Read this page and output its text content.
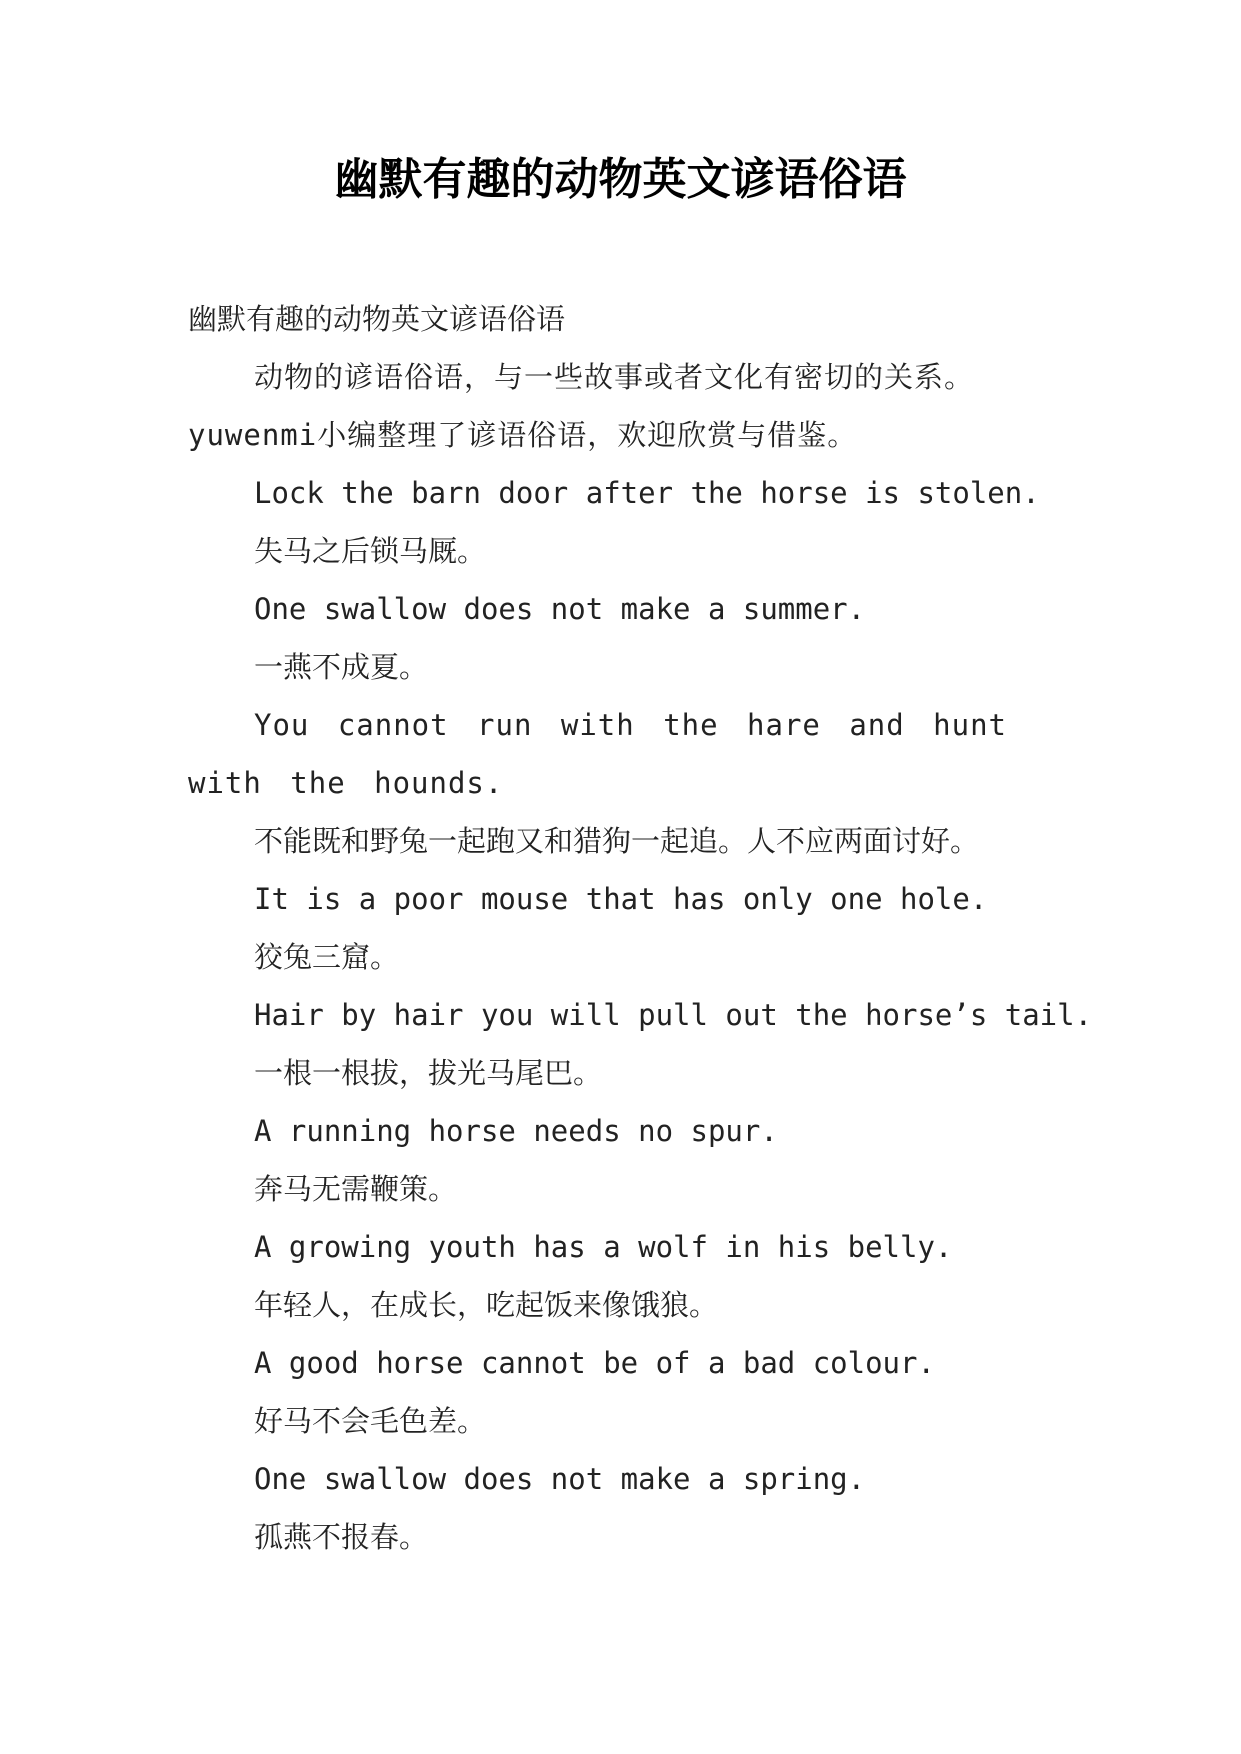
幽默有趣的动物英文谚语俗语

幽默有趣的动物英文谚语俗语

动物的谚语俗语，与一些故事或者文化有密切的关系。yuwenmi小编整理了谚语俗语，欢迎欣赏与借鉴。

Lock the barn door after the horse is stolen.

失马之后锁马厩。

One swallow does not make a summer.

一燕不成夏。

You cannot run with the hare and hunt with the hounds.

不能既和野兔一起跑又和猎狗一起追。人不应两面讨好。

It is a poor mouse that has only one hole.

狡兔三窟。

Hair by hair you will pull out the horse’s tail.

一根一根拔，拔光马尾巴。

A running horse needs no spur.

奔马无需鞭策。

A growing youth has a wolf in his belly.

年轻人，在成长，吃起饭来像饿狼。

A good horse cannot be of a bad colour.

好马不会毛色差。

One swallow does not make a spring.

孤燕不报春。
